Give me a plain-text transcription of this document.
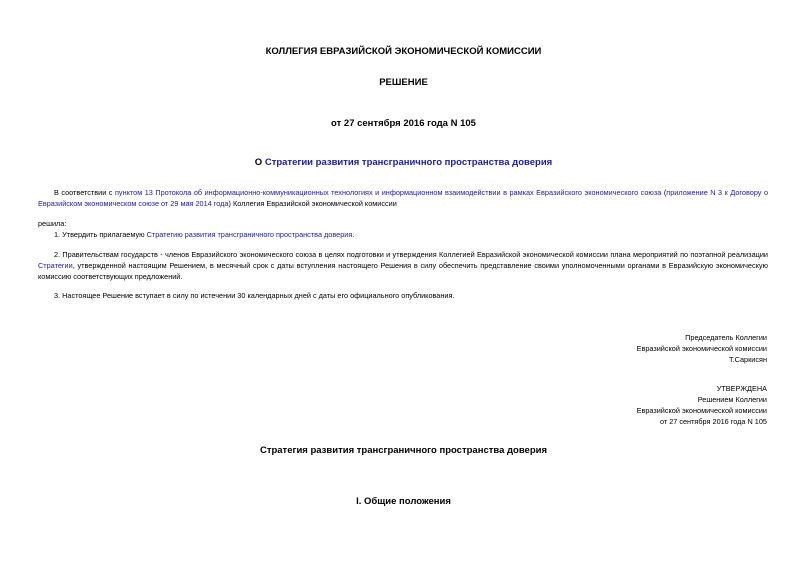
КОЛЛЕГИЯ ЕВРАЗИЙСКОЙ ЭКОНОМИЧЕСКОЙ КОМИССИИ
РЕШЕНИЕ
от 27 сентября 2016 года N 105
О Стратегии развития трансграничного пространства доверия
В соответствии с пунктом 13 Протокола об информационно-коммуникационных технологиях и информационном взаимодействии в рамках Евразийского экономического союза (приложение N 3 к Договору о Евразийском экономическом союзе от 29 мая 2014 года) Коллегия Евразийской экономической комиссии
решила:
1. Утвердить прилагаемую Стратегию развития трансграничного пространства доверия.
2. Правительствам государств - членов Евразийского экономического союза в целях подготовки и утверждения Коллегией Евразийской экономической комиссии плана мероприятий по поэтапной реализации Стратегии, утвержденной настоящим Решением, в месячный срок с даты вступления настоящего Решения в силу обеспечить представление своими уполномоченными органами в Евразийскую экономическую комиссию соответствующих предложений.
3. Настоящее Решение вступает в силу по истечении 30 календарных дней с даты его официального опубликования.
Председатель Коллегии
Евразийской экономической комиссии
Т.Саркисян
УТВЕРЖДЕНА
Решением Коллегии
Евразийской экономической комиссии
от 27 сентября 2016 года N 105
Стратегия развития трансграничного пространства доверия
I. Общие положения
